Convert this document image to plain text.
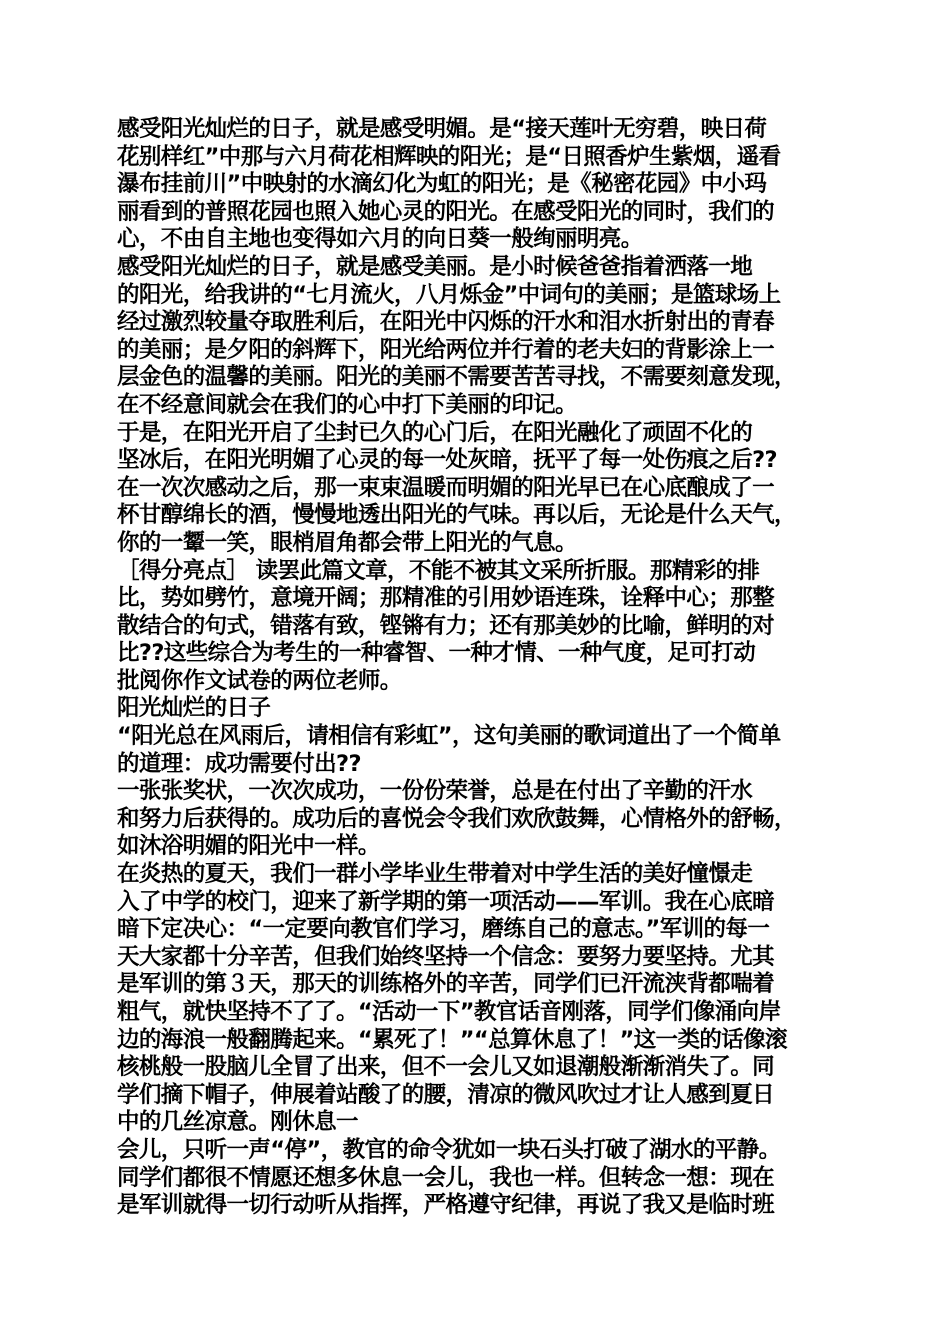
感受阳光灿烂的日子，就是感受明媚。是“接天莲叶无穷碧，映日荷
花别样红”中那与六月荷花相辉映的阳光；是“日照香炉生紫烟，遥看
瀑布挂前川”中映射的水滴幻化为虹的阳光；是《秘密花园》中小玛
丽看到的普照花园也照入她心灵的阳光。在感受阳光的同时，我们的
心，不由自主地也变得如六月的向日葵一般绚丽明亮。
感受阳光灿烂的日子，就是感受美丽。是小时候爸爸指着洒落一地
的阳光，给我讲的“七月流火，八月烁金”中词句的美丽；是篮球场上
经过激烈较量夺取胜利后，在阳光中闪烁的汗水和泪水折射出的青春
的美丽；是夕阳的斜辉下，阳光给两位并行着的老夫妇的背影涂上一
层金色的温馨的美丽。阳光的美丽不需要苦苦寻找，不需要刻意发现，
在不经意间就会在我们的心中打下美丽的印记。
于是，在阳光开启了尘封已久的心门后，在阳光融化了顽固不化的
坚冰后，在阳光明媚了心灵的每一处灰暗，抚平了每一处伤痕之后??
在一次次感动之后，那一束束温暖而明媚的阳光早已在心底酿成了一
杯甘醇绵长的酒，慢慢地透出阳光的气味。再以后，无论是什么天气，
你的一颦一笑，眼梢眉角都会带上阳光的气息。
［得分亮点］ 读罢此篇文章，不能不被其文采所折服。那精彩的排
比，势如劈竹，意境开阔；那精准的引用妙语连珠，诠释中心；那整
散结合的句式，错落有致，铿锵有力；还有那美妙的比喻，鲜明的对
比??这些综合为考生的一种睿智、一种才情、一种气度，足可打动
批阅你作文试卷的两位老师。
阳光灿烂的日子
“阳光总在风雨后，请相信有彩虹”，这句美丽的歌词道出了一个简单
的道理：成功需要付出??
一张张奖状，一次次成功，一份份荣誉，总是在付出了辛勤的汗水
和努力后获得的。成功后的喜悦会令我们欢欣鼓舞，心情格外的舒畅，
如沐浴明媚的阳光中一样。
在炎热的夏天，我们一群小学毕业生带着对中学生活的美好憧憬走
入了中学的校门，迎来了新学期的第一项活动——军训。我在心底暗
暗下定决心：“一定要向教官们学习，磨练自己的意志。”军训的每一
天大家都十分辛苦，但我们始终坚持一个信念：要努力要坚持。尤其
是军训的第３天，那天的训练格外的辛苦，同学们已汗流浃背都喘着
粗气，就快坚持不了了。“活动一下”教官话音刚落，同学们像涌向岸
边的海浪一般翻腾起来。“累死了！”“总算休息了！”这一类的话像滚
核桃般一股脑儿全冒了出来，但不一会儿又如退潮般渐渐消失了。同
学们摘下帽子，伸展着站酸了的腰，清凉的微风吹过才让人感到夏日
中的几丝凉意。刚休息一
会儿，只听一声“停”，教官的命令犹如一块石头打破了湖水的平静。
同学们都很不情愿还想多休息一会儿，我也一样。但转念一想：现在
是军训就得一切行动听从指挥，严格遵守纪律，再说了我又是临时班
